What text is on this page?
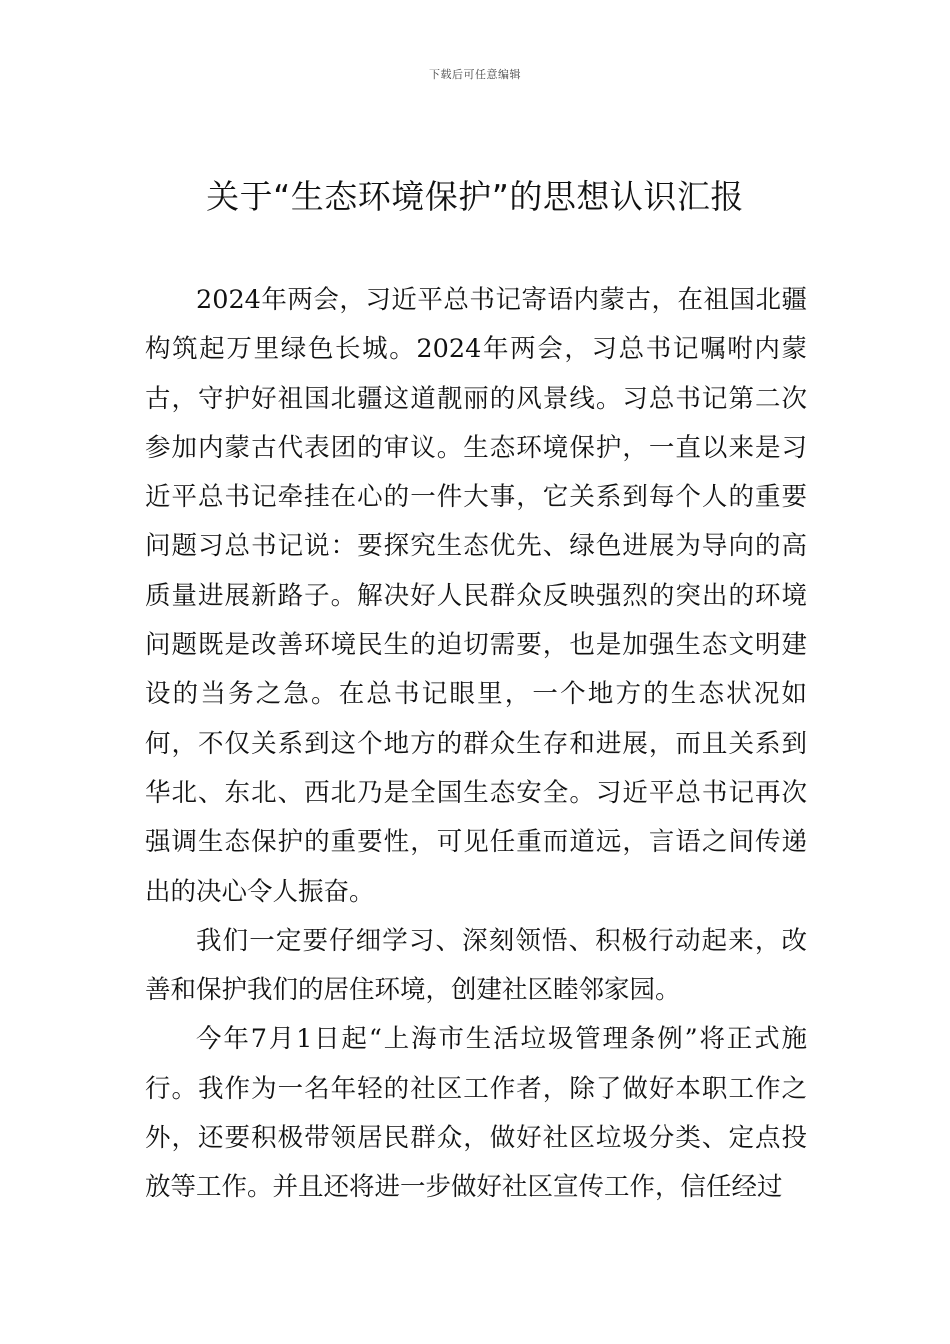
下载后可任意编辑
关于“生态环境保护”的思想认识汇报

2024年两会，习近平总书记寄语内蒙古，在祖国北疆构筑起万里绿色长城。2024年两会，习总书记嘱咐内蒙古，守护好祖国北疆这道靓丽的风景线。习总书记第二次参加内蒙古代表团的审议。生态环境保护，一直以来是习近平总书记牵挂在心的一件大事，它关系到每个人的重要问题习总书记说：要探究生态优先、绿色进展为导向的高质量进展新路子。解决好人民群众反映强烈的突出的环境问题既是改善环境民生的迫切需要，也是加强生态文明建设的当务之急。在总书记眼里，一个地方的生态状况如何，不仅关系到这个地方的群众生存和进展，而且关系到华北、东北、西北乃是全国生态安全。习近平总书记再次强调生态保护的重要性，可见任重而道远，言语之间传递出的决心令人振奋。

我们一定要仔细学习、深刻领悟、积极行动起来，改善和保护我们的居住环境，创建社区睦邻家园。

今年7月1日起“上海市生活垃圾管理条例”将正式施行。我作为一名年轻的社区工作者，除了做好本职工作之外，还要积极带领居民群众，做好社区垃圾分类、定点投放等工作。并且还将进一步做好社区宣传工作，信任经过
